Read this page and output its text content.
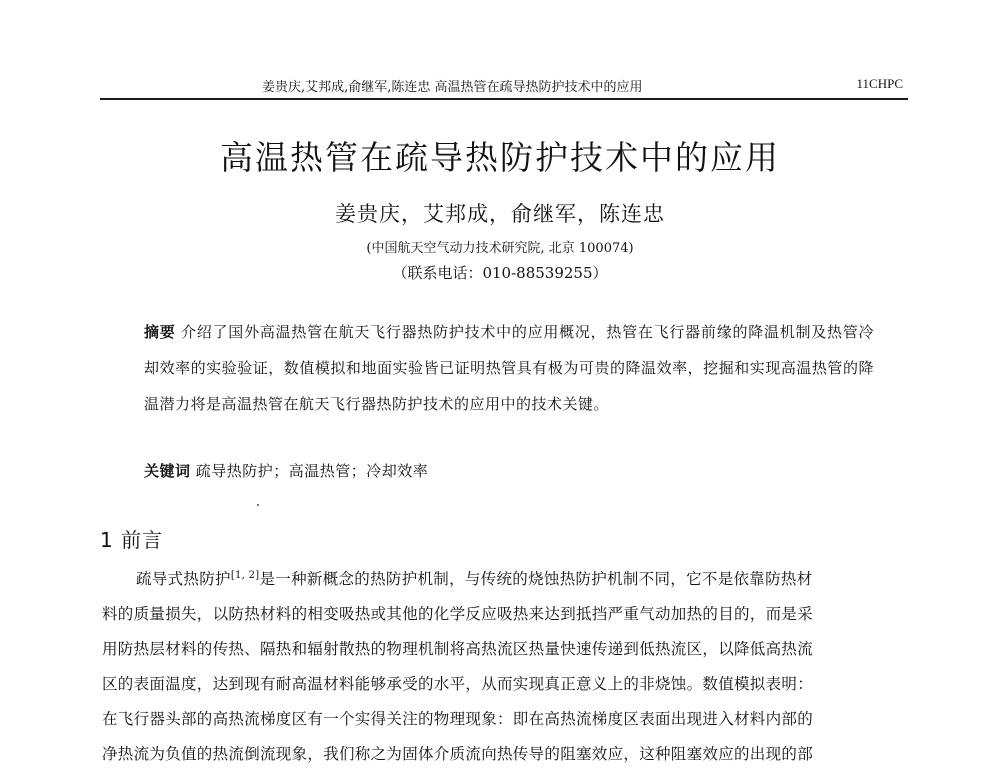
姜贵庆,艾邦成,俞继军,陈连忠 高温热管在疏导热防护技术中的应用	11CHPC
高温热管在疏导热防护技术中的应用
姜贵庆，艾邦成，俞继军，陈连忠
(中国航天空气动力技术研究院, 北京 100074)
（联系电话：010-88539255）
摘要 介绍了国外高温热管在航天飞行器热防护技术中的应用概况，热管在飞行器前缘的降温机制及热管冷却效率的实验验证，数值模拟和地面实验皆已证明热管具有极为可贵的降温效率，挖掘和实现高温热管的降温潜力将是高温热管在航天飞行器热防护技术的应用中的技术关键。
关键词 疏导热防护；高温热管；冷却效率
1 前言
疏导式热防护[1, 2]是一种新概念的热防护机制，与传统的烧蚀热防护机制不同，它不是依靠防热材
料的质量损失，以防热材料的相变吸热或其他的化学反应吸热来达到抵挡严重气动加热的目的，而是采
用防热层材料的传热、隔热和辐射散热的物理机制将高热流区热量快速传递到低热流区，以降低高热流
区的表面温度，达到现有耐高温材料能够承受的水平，从而实现真正意义上的非烧蚀。数值模拟表明：
在飞行器头部的高热流梯度区有一个实得关注的物理现象：即在高热流梯度区表面出现进入材料内部的
净热流为负值的热流倒流现象，我们称之为固体介质流向热传导的阻塞效应，这种阻塞效应的出现的部
